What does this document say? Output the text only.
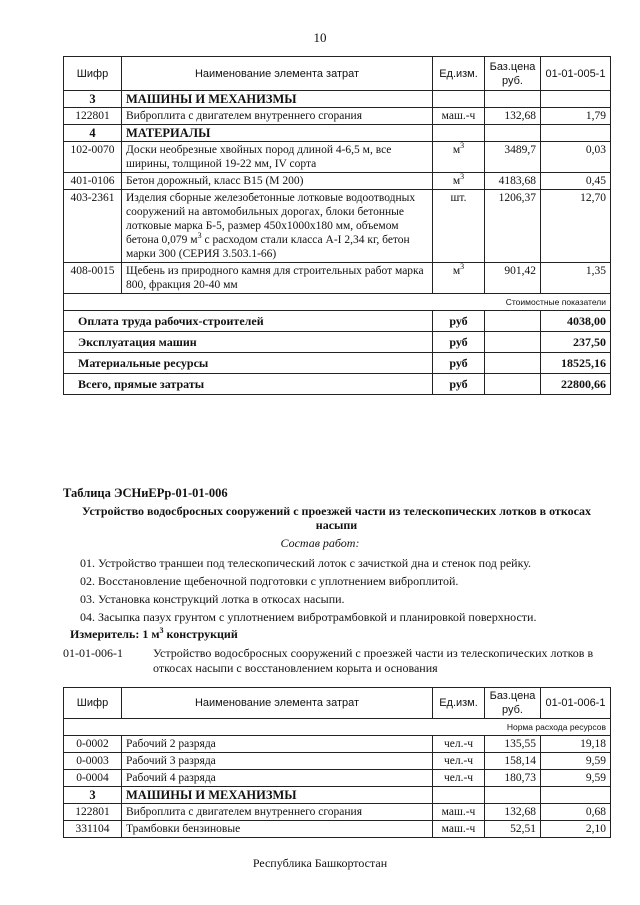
10
Шифр	Наименование элемента затрат	Ед.изм.	Баз.цена руб.	01-01-005-1
3	МАШИНЫ И МЕХАНИЗМЫ			
122801	Виброплита с двигателем внутреннего сгорания	маш.-ч	132,68	1,79
4	МАТЕРИАЛЫ			
102-0070	Доски необрезные хвойных пород длиной 4-6,5 м, все ширины, толщиной 19-22 мм, IV сорта	$м^3$	3489,7	0,03
401-0106	Бетон дорожный, класс В15 (М 200)	$м^3$	4183,68	0,45
403-2361	Изделия сборные железобетонные лотковые водоотводных сооружений на автомобильных дорогах, блоки бетонные лотковые марка Б-5, размер 450х1000х180 мм, объемом бетона 0,079 $м^3$ с расходом стали класса А-I 2,34 кг, бетон марки 300 (СЕРИЯ 3.503.1-66)	шт.	1206,37	12,70
408-0015	Щебень из природного камня для строительных работ марка 800, фракция 20-40 мм	$м^3$	901,42	1,35
Стоимостные показатели				
Оплата труда рабочих-строителей		руб		4038,00
Эксплуатация машин		руб		237,50
Материальные ресурсы		руб		18525,16
Всего, прямые затраты		руб		22800,66
Таблица ЭСНиЕРр-01-01-006
Устройство водосбросных сооружений с проезжей части из телескопических лотков в откосах насыпи
Состав работ:
01. Устройство траншеи под телескопический лоток с зачисткой дна и стенок под рейку.
02. Восстановление щебеночной подготовки с уплотнением виброплитой.
03. Установка конструкций лотка в откосах насыпи.
04. Засыпка пазух грунтом с уплотнением вибротрамбовкой и планировкой поверхности.
Измеритель: 1 $м^3$ конструкций
01-01-006-1	Устройство водосбросных сооружений с проезжей части из телескопических лотков в откосах насыпи с восстановлением корыта и основания
Шифр	Наименование элемента затрат	Ед.изм.	Баз.цена руб.	01-01-006-1
Норма расхода ресурсов				
0-0002	Рабочий 2 разряда	чел.-ч	135,55	19,18
0-0003	Рабочий 3 разряда	чел.-ч	158,14	9,59
0-0004	Рабочий 4 разряда	чел.-ч	180,73	9,59
3	МАШИНЫ И МЕХАНИЗМЫ			
122801	Виброплита с двигателем внутреннего сгорания	маш.-ч	132,68	0,68
331104	Трамбовки бензиновые	маш.-ч	52,51	2,10
Республика Башкортостан
